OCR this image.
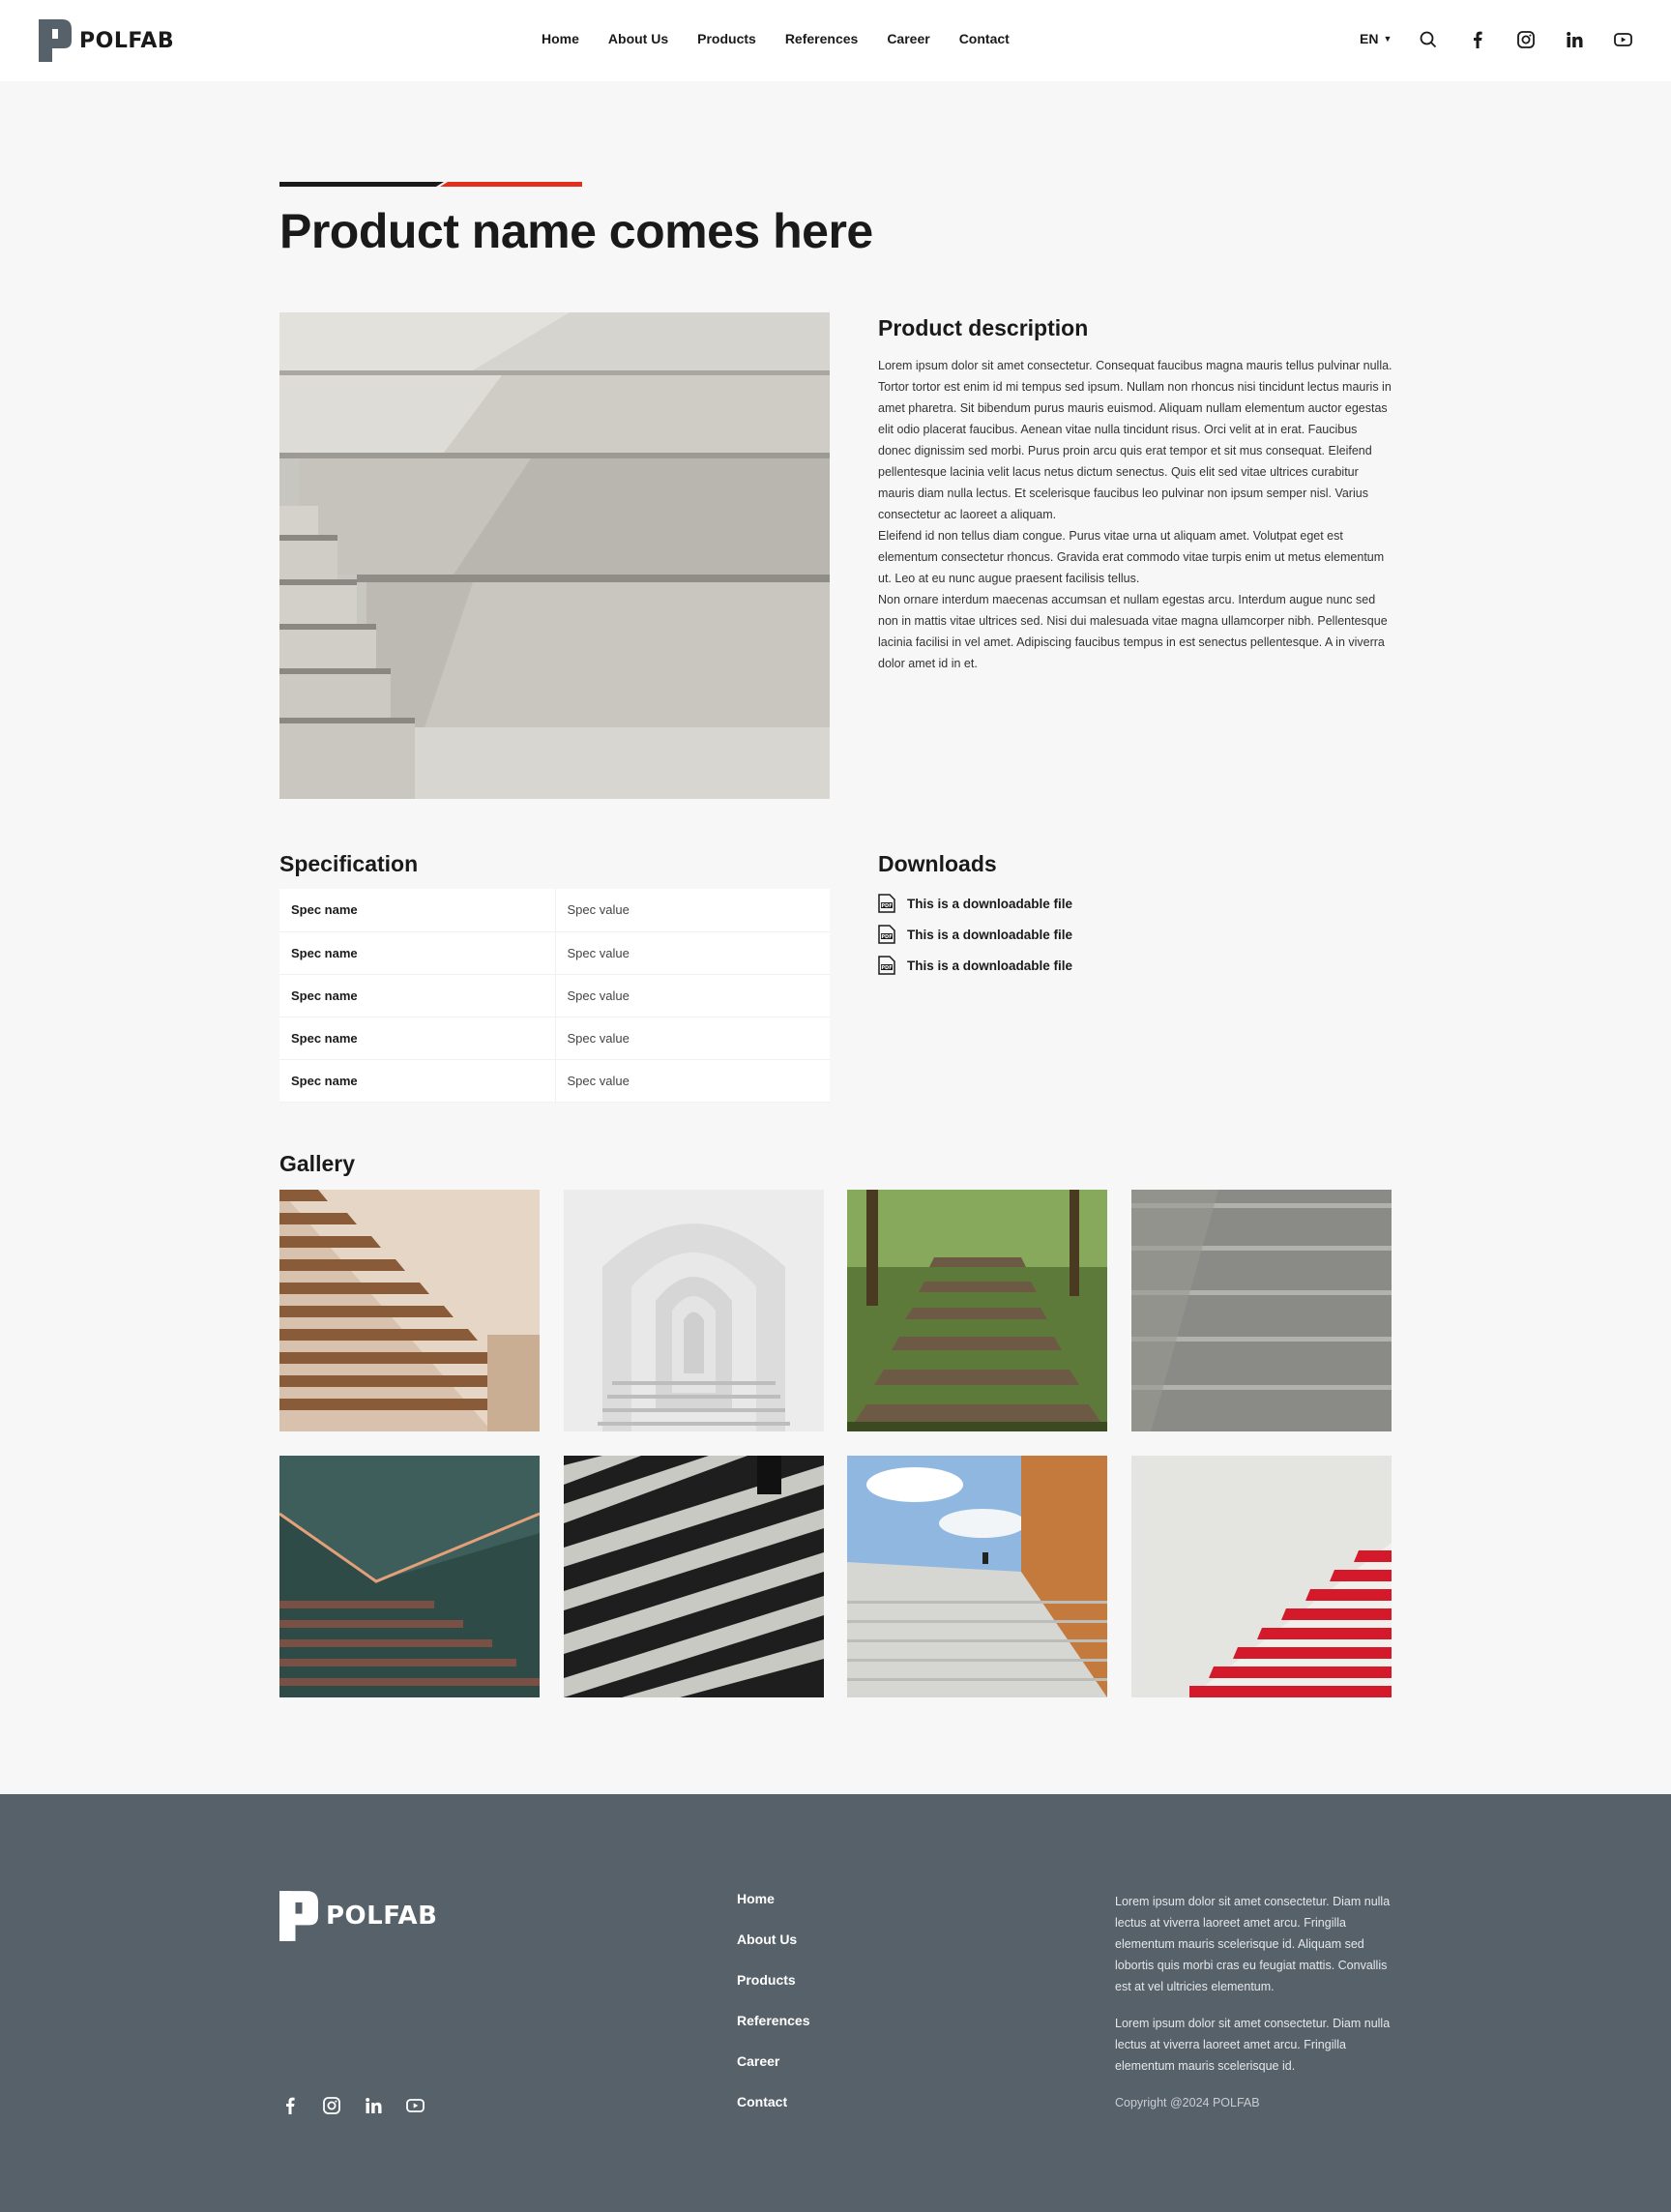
POLFAB	Home About Us Products References Career Contact	EN ▼
Product name comes here
Product description

Lorem ipsum dolor sit amet consectetur. Consequat faucibus magna mauris tellus pulvinar nulla. Tortor tortor est enim id mi tempus sed ipsum. Nullam non rhoncus nisi tincidunt lectus mauris in amet pharetra. Sit bibendum purus mauris euismod. Aliquam nullam elementum auctor egestas elit odio placerat faucibus. Aenean vitae nulla tincidunt risus. Orci velit at in erat. Faucibus donec dignissim sed morbi. Purus proin arcu quis erat tempor et sit mus consequat. Eleifend pellentesque lacinia velit lacus netus dictum senectus. Quis elit sed vitae ultrices curabitur mauris diam nulla lectus. Et scelerisque faucibus leo pulvinar non ipsum semper nisl. Varius consectetur ac laoreet a aliquam.

Eleifend id non tellus diam congue. Purus vitae urna ut aliquam amet. Volutpat eget est elementum consectetur rhoncus. Gravida erat commodo vitae turpis enim ut metus elementum ut. Leo at eu nunc augue praesent facilisis tellus.

Non ornare interdum maecenas accumsan et nullam egestas arcu. Interdum augue nunc sed non in mattis vitae ultrices sed. Nisi dui malesuada vitae magna ullamcorper nibh. Pellentesque lacinia facilisi in vel amet. Adipiscing faucibus tempus in est senectus pellentesque. A in viverra dolor amet id in et.

Specification
Spec name	Spec value
Spec name	Spec value
Spec name	Spec value
Spec name	Spec value
Spec name	Spec value
Downloads
PDF This is a downloadable file
PDF This is a downloadable file
PDF This is a downloadable file
Gallery
POLFAB
Home
About Us
Products
References
Career
Contact

Lorem ipsum dolor sit amet consectetur. Diam nulla lectus at viverra laoreet amet arcu. Fringilla elementum mauris scelerisque id. Aliquam sed lobortis quis morbi cras eu feugiat mattis. Convallis est at vel ultricies elementum.

Lorem ipsum dolor sit amet consectetur. Diam nulla lectus at viverra laoreet amet arcu. Fringilla elementum mauris scelerisque id.

Copyright @2024 POLFAB
